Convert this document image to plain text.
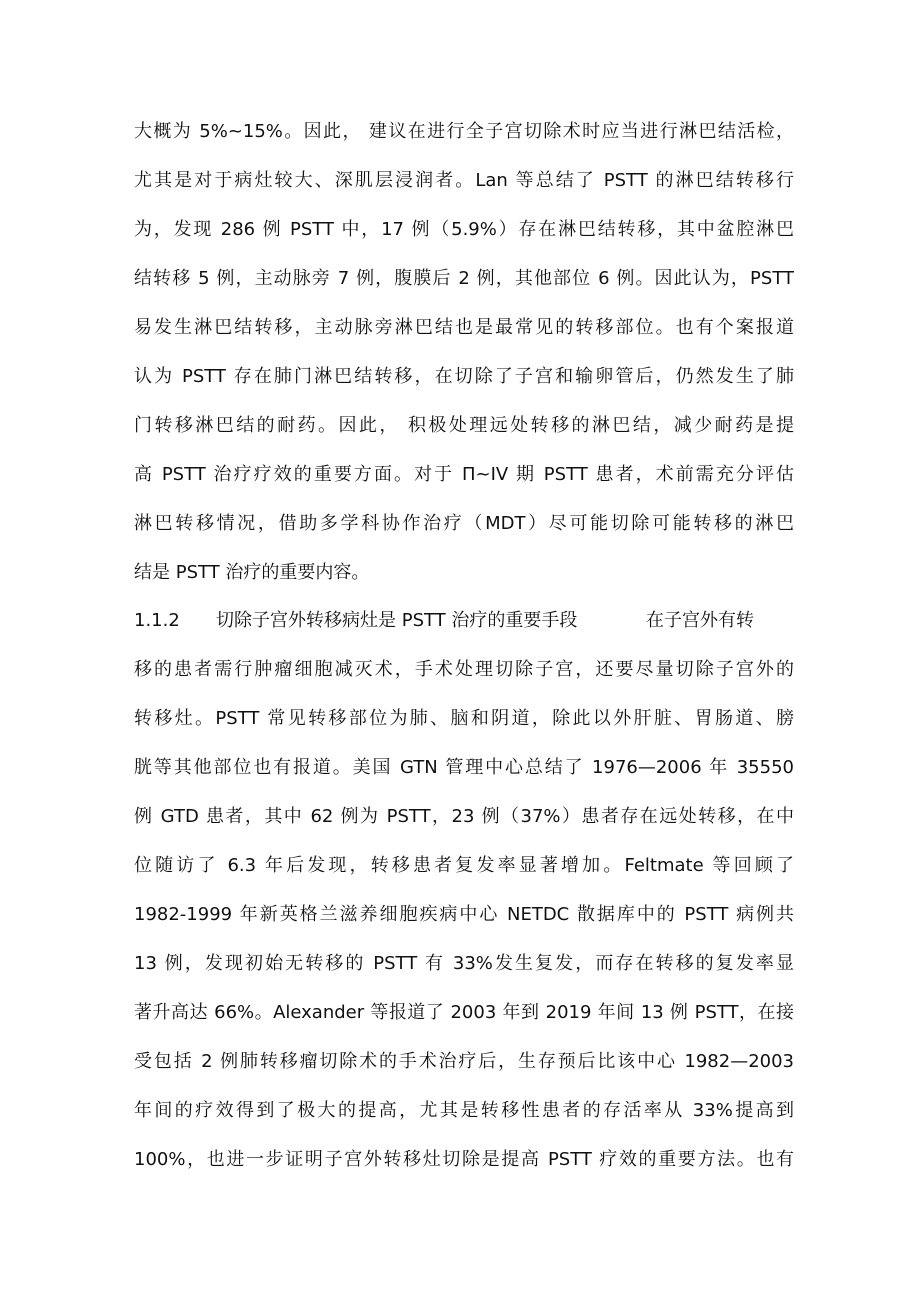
大概为 5%~15%。因此， 建议在进行全子宫切除术时应当进行淋巴结活检，
尤其是对于病灶较大、深肌层浸润者。Lan 等总结了 PSTT 的淋巴结转移行
为，发现 286 例 PSTT 中，17 例（5.9%）存在淋巴结转移，其中盆腔淋巴
结转移 5 例，主动脉旁 7 例，腹膜后 2 例，其他部位 6 例。因此认为，PSTT
易发生淋巴结转移，主动脉旁淋巴结也是最常见的转移部位。也有个案报道
认为 PSTT 存在肺门淋巴结转移，在切除了子宫和输卵管后，仍然发生了肺
门转移淋巴结的耐药。因此， 积极处理远处转移的淋巴结，减少耐药是提
高 PSTT 治疗疗效的重要方面。对于 П~IV 期 PSTT 患者，术前需充分评估
淋巴转移情况，借助多学科协作治疗（MDT）尽可能切除可能转移的淋巴
结是 PSTT 治疗的重要内容。
1.1.2 切除子宫外转移病灶是 PSTT 治疗的重要手段	在子宫外有转
移的患者需行肿瘤细胞减灭术，手术处理切除子宫，还要尽量切除子宫外的
转移灶。PSTT 常见转移部位为肺、脑和阴道，除此以外肝脏、胃肠道、膀
胱等其他部位也有报道。美国 GTN 管理中心总结了 1976—2006 年 35550
例 GTD 患者，其中 62 例为 PSTT，23 例（37%）患者存在远处转移，在中
位随访了 6.3 年后发现，转移患者复发率显著增加。Feltmate 等回顾了
1982-1999 年新英格兰滋养细胞疾病中心 NETDC 散据库中的 PSTT 病例共
13 例，发现初始无转移的 PSTT 有 33%发生复发，而存在转移的复发率显
著升高达 66%。Alexander 等报道了 2003 年到 2019 年间 13 例 PSTT，在接
受包括 2 例肺转移瘤切除术的手术治疗后，生存预后比该中心 1982—2003
年间的疗效得到了极大的提高，尤其是转移性患者的存活率从 33%提高到
100%，也进一步证明子宫外转移灶切除是提高 PSTT 疗效的重要方法。也有
